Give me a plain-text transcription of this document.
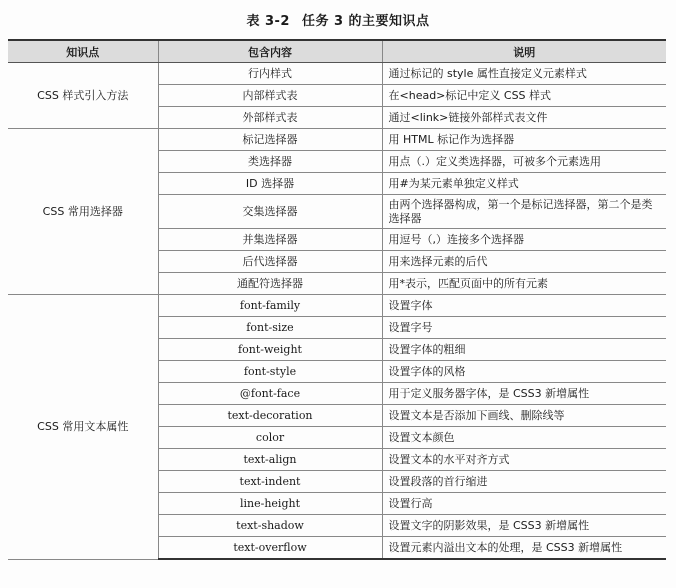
表 3-2 任务 3 的主要知识点
知识点	包含内容	说明
CSS 样式引入方法	行内样式	通过标记的 style 属性直接定义元素样式
	内部样式表	在<head>标记中定义 CSS 样式
	外部样式表	通过<link>链接外部样式表文件
CSS 常用选择器	标记选择器	用 HTML 标记作为选择器
	类选择器	用点（.）定义类选择器，可被多个元素选用
	ID 选择器	用#为某元素单独定义样式
	交集选择器	由两个选择器构成，第一个是标记选择器，第二个是类选择器
	并集选择器	用逗号（,）连接多个选择器
	后代选择器	用来选择元素的后代
	通配符选择器	用*表示，匹配页面中的所有元素
CSS 常用文本属性	font-family	设置字体
	font-size	设置字号
	font-weight	设置字体的粗细
	font-style	设置字体的风格
	@font-face	用于定义服务器字体，是 CSS3 新增属性
	text-decoration	设置文本是否添加下画线、删除线等
	color	设置文本颜色
	text-align	设置文本的水平对齐方式
	text-indent	设置段落的首行缩进
	line-height	设置行高
	text-shadow	设置文字的阴影效果，是 CSS3 新增属性
	text-overflow	设置元素内溢出文本的处理，是 CSS3 新增属性
